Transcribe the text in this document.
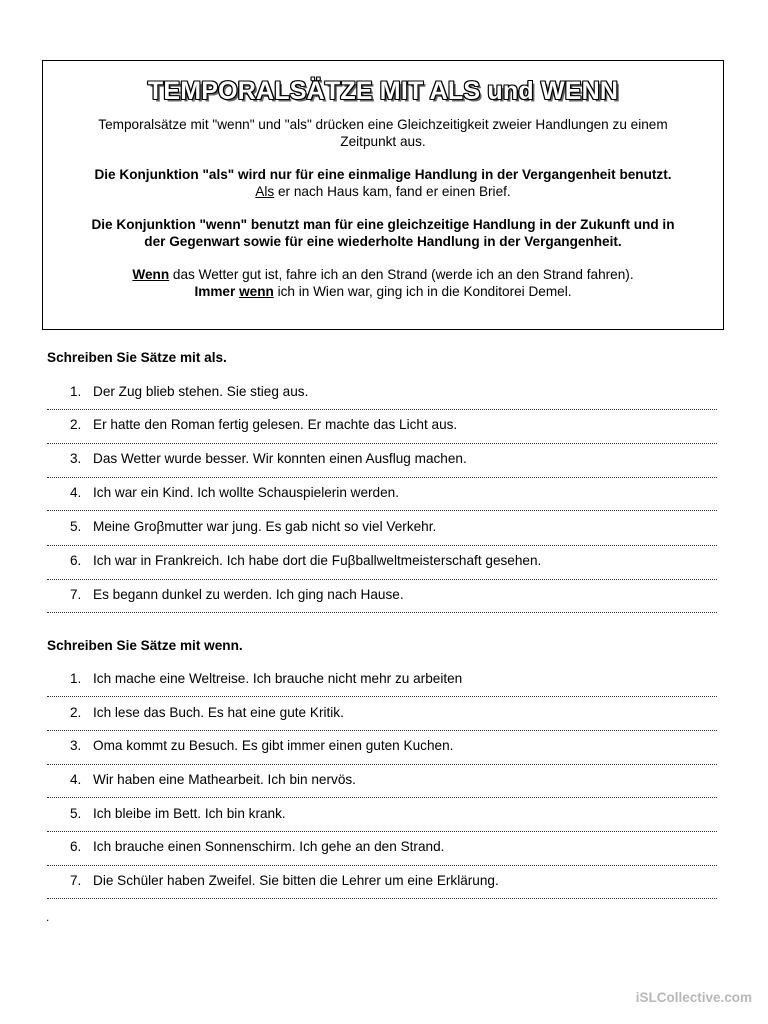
TEMPORALSÄTZE MIT ALS und WENN
Temporalsätze mit "wenn" und "als" drücken eine Gleichzeitigkeit zweier Handlungen zu einem
Zeitpunkt aus.
Die Konjunktion "als" wird nur für eine einmalige Handlung in der Vergangenheit benutzt.
Als er nach Haus kam, fand er einen Brief.
Die Konjunktion "wenn" benutzt man für eine gleichzeitige Handlung in der Zukunft und in
der Gegenwart sowie für eine wiederholte Handlung in der Vergangenheit.
Wenn das Wetter gut ist, fahre ich an den Strand (werde ich an den Strand fahren).
Immer wenn ich in Wien war, ging ich in die Konditorei Demel.
Schreiben Sie Sätze mit als.
1. Der Zug blieb stehen. Sie stieg aus.
2. Er hatte den Roman fertig gelesen. Er machte das Licht aus.
3. Das Wetter wurde besser. Wir konnten einen Ausflug machen.
4. Ich war ein Kind. Ich wollte Schauspielerin werden.
5. Meine Groβmutter war jung. Es gab nicht so viel Verkehr.
6. Ich war in Frankreich. Ich habe dort die Fuβballweltmeisterschaft gesehen.
7. Es begann dunkel zu werden. Ich ging nach Hause.
Schreiben Sie Sätze mit wenn.
1. Ich mache eine Weltreise. Ich brauche nicht mehr zu arbeiten
2. Ich lese das Buch. Es hat eine gute Kritik.
3. Oma kommt zu Besuch. Es gibt immer einen guten Kuchen.
4. Wir haben eine Mathearbeit. Ich bin nervös.
5. Ich bleibe im Bett. Ich bin krank.
6. Ich brauche einen Sonnenschirm. Ich gehe an den Strand.
7. Die Schüler haben Zweifel. Sie bitten die Lehrer um eine Erklärung.
.
iSLCollective.com
